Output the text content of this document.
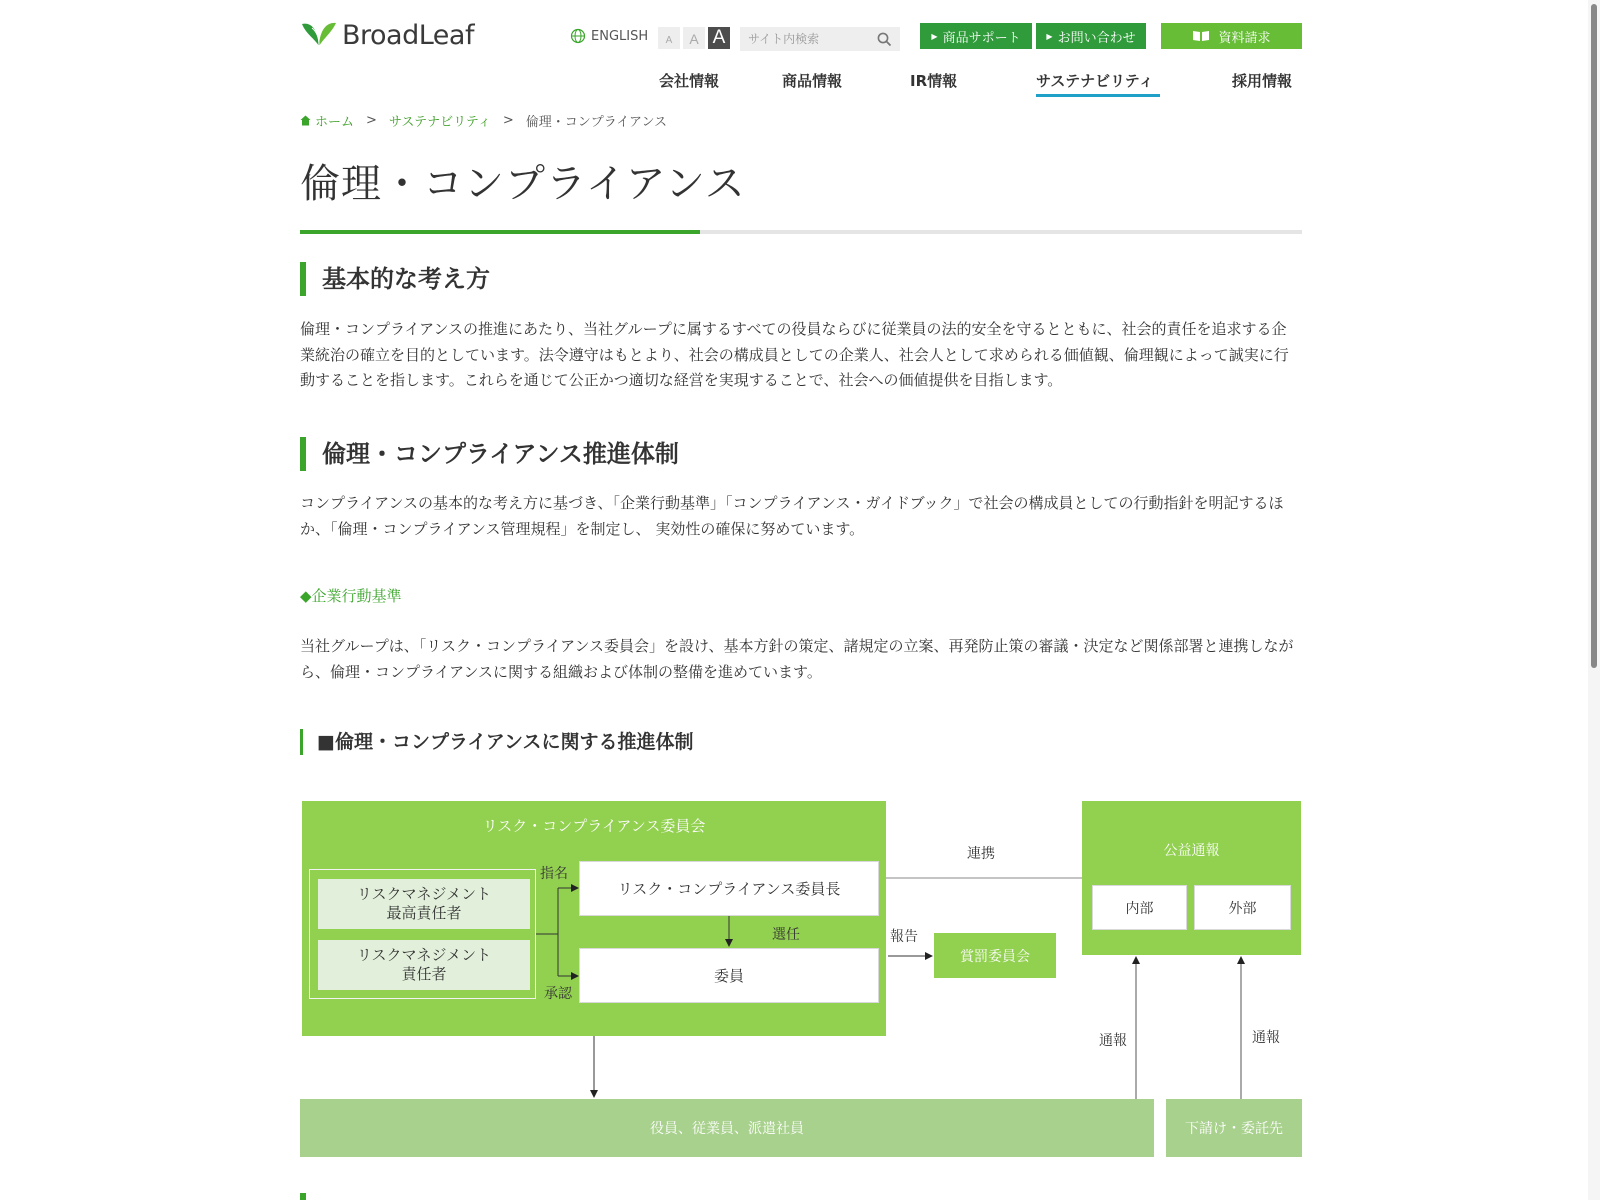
BroadLeaf	ENGLISH	A	A A
サイト内検索	▶ 商品サポート	▶ お問い合わせ	資料請求
会社情報	商品情報	IR情報	サステナビリティ	採用情報
ホーム > サステナビリティ > 倫理・コンプライアンス
倫理・コンプライアンス
基本的な考え方

倫理・コンプライアンスの推進にあたり、当社グループに属するすべての役員ならびに従業員の法的安全を守るとともに、社会的責任を追求する企業統治の確立を目的としています。法令遵守はもとより、社会の構成員としての企業人、社会人として求められる価値観、倫理観によって誠実に行動することを指します。これらを通じて公正かつ適切な経営を実現することで、社会への価値提供を目指します。

倫理・コンプライアンス推進体制

コンプライアンスの基本的な考え方に基づき、「企業行動基準」「コンプライアンス・ガイドブック」で社会の構成員としての行動指針を明記するほか、「倫理・コンプライアンス管理規程」を制定し、 実効性の確保に努めています。

◆企業行動基準

当社グループは、「リスク・コンプライアンス委員会」を設け、基本方針の策定、諸規定の立案、再発防止策の審議・決定など関係部署と連携しながら、倫理・コンプライアンスに関する組織および体制の整備を進めています。

■倫理・コンプライアンスに関する推進体制
リスク・コンプライアンス委員会
リスクマネジメント
最高責任者
リスクマネジメント
責任者
リスク・コンプライアンス委員長
委員
指名
承認
選任
賞罰委員会
報告
連携	公益通報
内部	外部
通報	通報
役員、従業員、派遣社員	下請け・委託先
